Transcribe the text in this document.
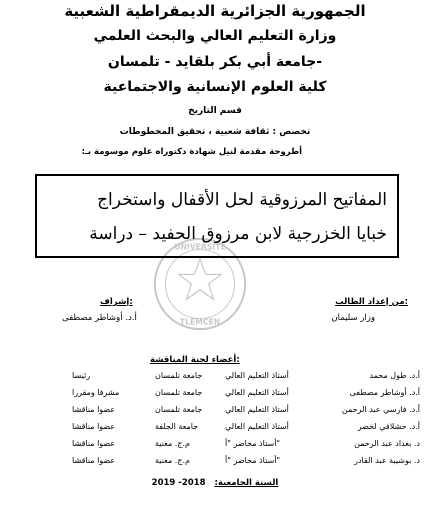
الجمهورية الجزائرية الديمقراطية الشعبية
وزارة التعليم العالي والبحث العلمي
جامعة أبي بكر بلقايد - تلمسان-
كلية العلوم الإنسانية والاجتماعية
قسم التاريخ
تخصص : ثقافة شعبية ، تحقيق المخطوطات
أطروحة مقدمة لنيل شهادة دكتوراه علوم موسومة بـ:
المفاتيح المرزوقية لحل الأقفال واستخراج
خبايا الخزرجية لابن مرزوق الحفيد – دراسة
UNIVERSITE
TLEMCEN
من إعداد الطالب:
وزار سليمان
إشراف:
أ.د. أوشاطر مصطفى
أعضاء لجنة المناقشة:
أ.د. طول محمد
أستاذ التعليم العالي
جامعة تلمسان
رئيسا
أ.د. أوشاطر مصطفى
أستاذ التعليم العالي
جامعة تلمسان
مشرفا ومقررا
أ.د. فارسي عبد الرحمن
أستاذ التعليم العالي
جامعة تلمسان
عضوا مناقشا
أ.د. حشلافي لخضر
أستاذ التعليم العالي
جامعة الجلفة
عضوا مناقشا
د. بغداد عبد الرحمن
أستاذ محاضر "أ"
م.ج. مغنية
عضوا مناقشا
د. بوشيبة عبد القادر
أستاذ محاضر "أ"
م.ج. مغنية
عضوا مناقشا
السنة الجامعية: 2018- 2019
